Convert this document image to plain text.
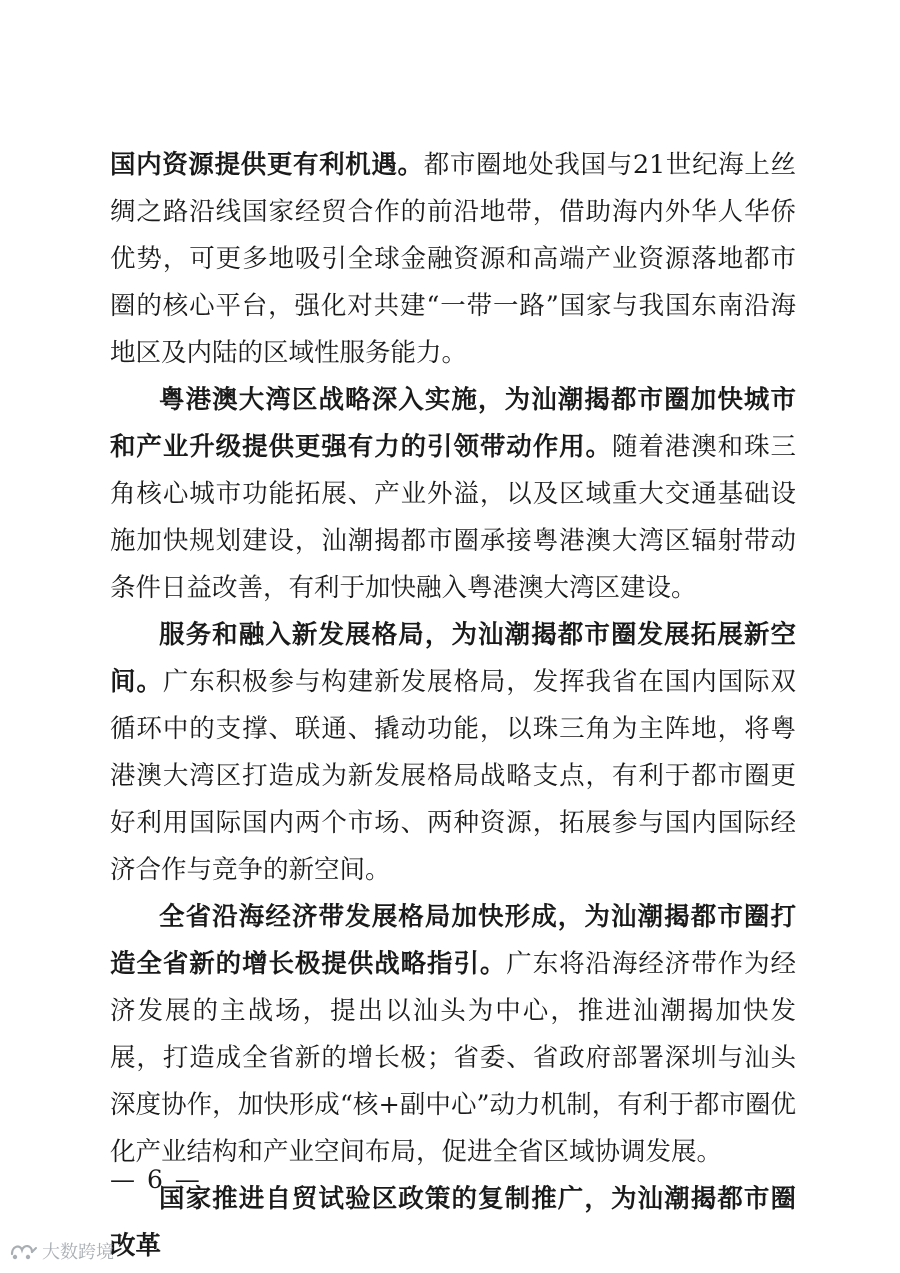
国内资源提供更有利机遇。都市圈地处我国与21世纪海上丝绸之路沿线国家经贸合作的前沿地带，借助海内外华人华侨优势，可更多地吸引全球金融资源和高端产业资源落地都市圈的核心平台，强化对共建“一带一路”国家与我国东南沿海地区及内陆的区域性服务能力。

粤港澳大湾区战略深入实施，为汕潮揭都市圈加快城市和产业升级提供更强有力的引领带动作用。随着港澳和珠三角核心城市功能拓展、产业外溢，以及区域重大交通基础设施加快规划建设，汕潮揭都市圈承接粤港澳大湾区辐射带动条件日益改善，有利于加快融入粤港澳大湾区建设。

服务和融入新发展格局，为汕潮揭都市圈发展拓展新空间。广东积极参与构建新发展格局，发挥我省在国内国际双循环中的支撑、联通、撬动功能，以珠三角为主阵地，将粤港澳大湾区打造成为新发展格局战略支点，有利于都市圈更好利用国际国内两个市场、两种资源，拓展参与国内国际经济合作与竞争的新空间。

全省沿海经济带发展格局加快形成，为汕潮揭都市圈打造全省新的增长极提供战略指引。广东将沿海经济带作为经济发展的主战场，提出以汕头为中心，推进汕潮揭加快发展，打造成全省新的增长极；省委、省政府部署深圳与汕头深度协作，加快形成“核+副中心”动力机制，有利于都市圈优化产业结构和产业空间布局，促进全省区域协调发展。

国家推进自贸试验区政策的复制推广，为汕潮揭都市圈改革

— 6 —
大数跨境
